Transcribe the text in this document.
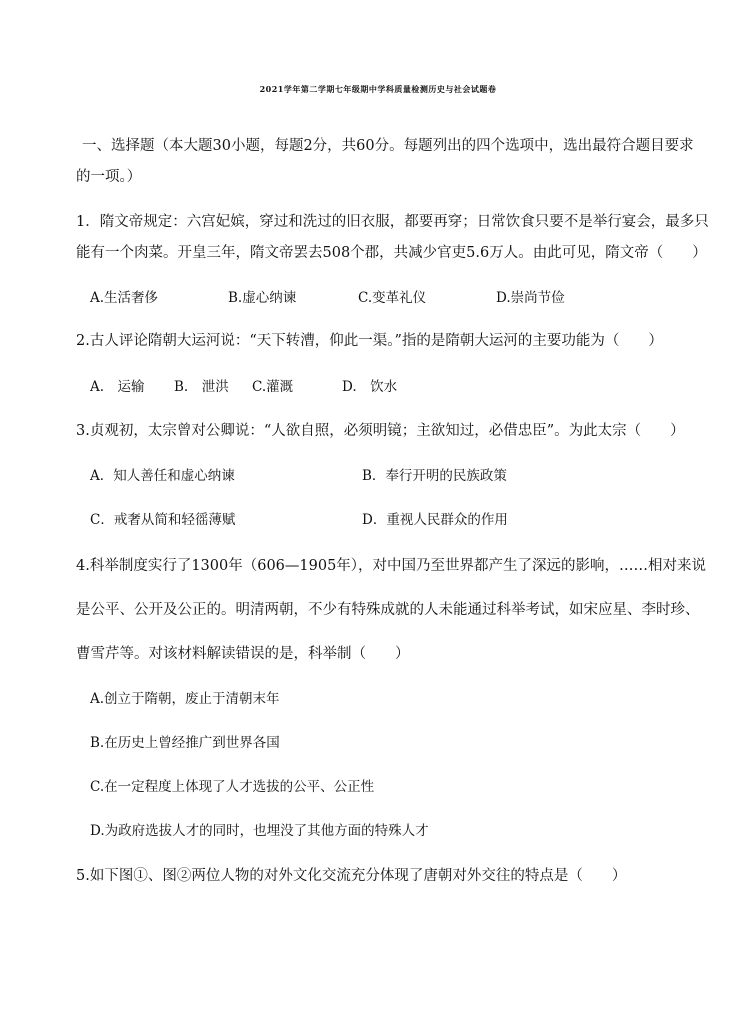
2021学年第二学期七年级期中学科质量检测历史与社会试题卷
一、选择题（本大题30小题，每题2分，共60分。每题列出的四个选项中，选出最符合题目要求
的一项。）
1．隋文帝规定：六宫妃嫔，穿过和洗过的旧衣服，都要再穿；日常饮食只要不是举行宴会，最多只
能有一个肉菜。开皇三年，隋文帝罢去508个郡，共减少官吏5.6万人。由此可见，隋文帝（　　）
A.生活奢侈	B.虚心纳谏	C.变革礼仪	D.崇尚节俭
2.古人评论隋朝大运河说：“天下转漕，仰此一渠。”指的是隋朝大运河的主要功能为（　　）
A.　运输 B.　泄洪 C.灌溉	D.　饮水
3.贞观初，太宗曾对公卿说：“人欲自照，必须明镜；主欲知过，必借忠臣”。为此太宗（　　）
A．知人善任和虚心纳谏	B．奉行开明的民族政策
C．戒奢从简和轻徭薄赋	D．重视人民群众的作用
4.科举制度实行了1300年（606—1905年），对中国乃至世界都产生了深远的影响，……相对来说
是公平、公开及公正的。明清两朝，不少有特殊成就的人未能通过科举考试，如宋应星、李时珍、
曹雪芹等。对该材料解读错误的是，科举制（　　）
A.创立于隋朝，废止于清朝末年
B.在历史上曾经推广到世界各国
C.在一定程度上体现了人才选拔的公平、公正性
D.为政府选拔人才的同时，也埋没了其他方面的特殊人才
5.如下图①、图②两位人物的对外文化交流充分体现了唐朝对外交往的特点是（　　）
